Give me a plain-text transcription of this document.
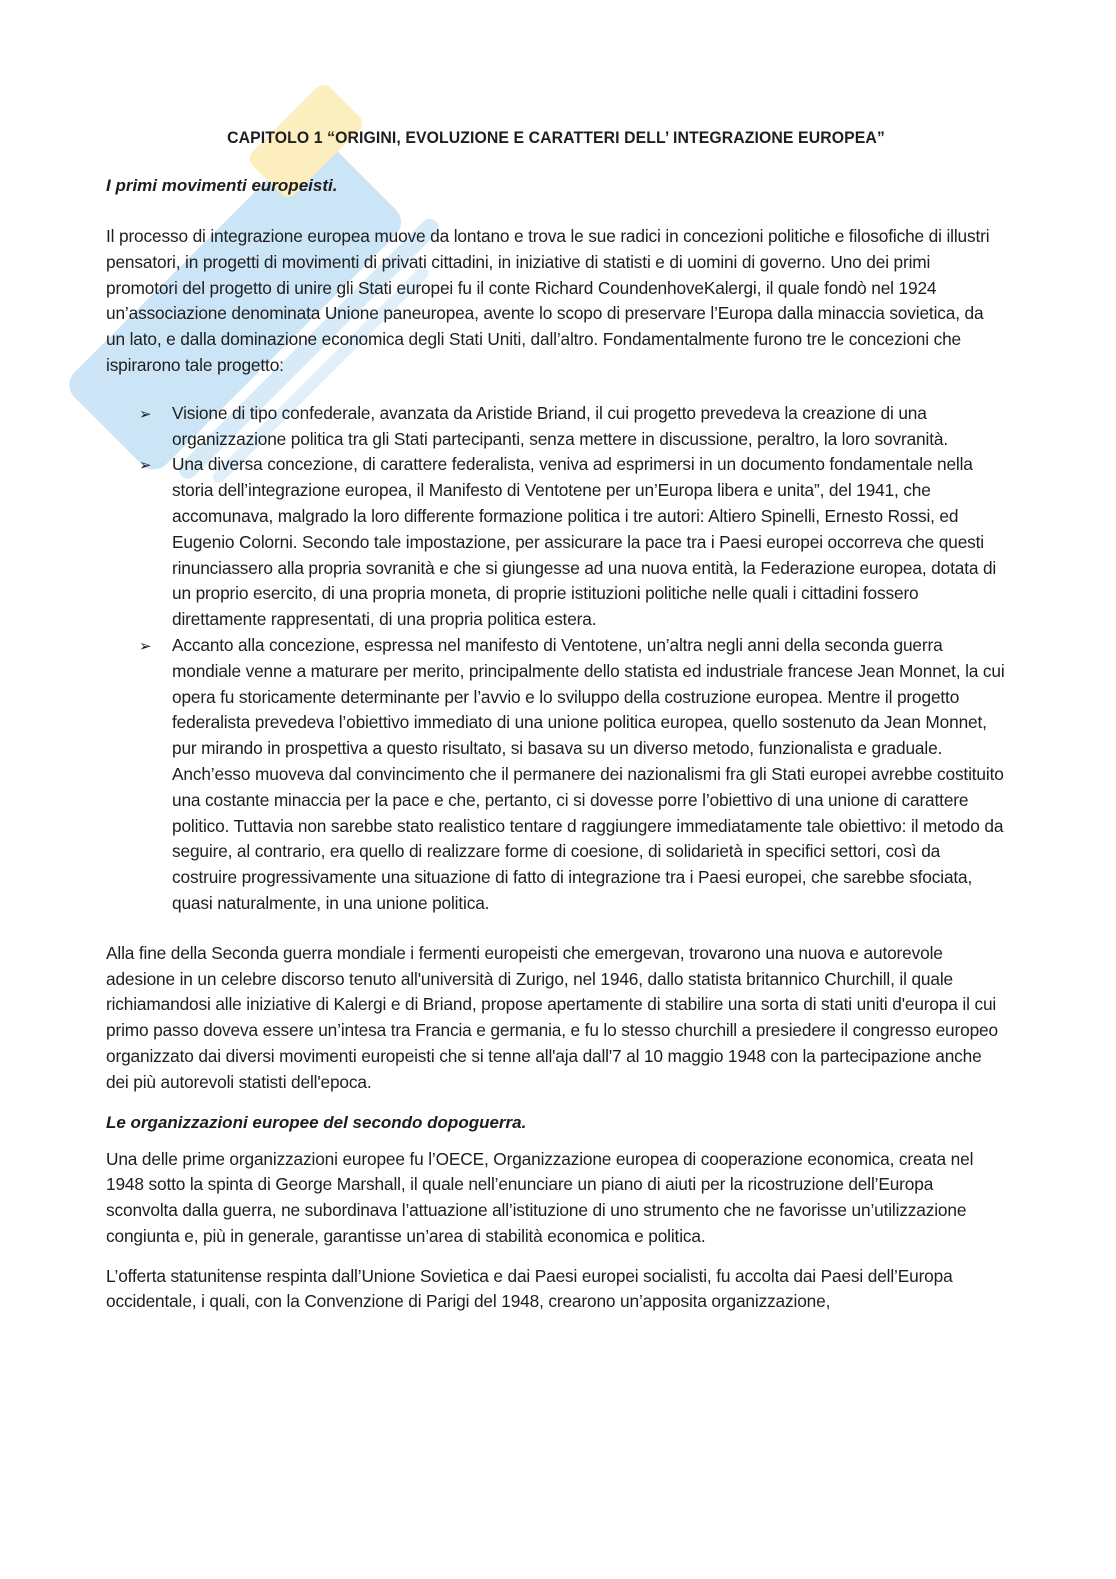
CAPITOLO 1 “ORIGINI, EVOLUZIONE E CARATTERI DELL’ INTEGRAZIONE EUROPEA”
I primi movimenti europeisti.

Il processo di integrazione europea muove da lontano e trova le sue radici in concezioni politiche e filosofiche di illustri pensatori, in progetti di movimenti di privati cittadini, in iniziative di statisti e di uomini di governo. Uno dei primi promotori del progetto di unire gli Stati europei fu il conte Richard CoundenhoveKalergi, il quale fondò nel 1924 un’associazione denominata Unione paneuropea, avente lo scopo di preservare l’Europa dalla minaccia sovietica, da un lato, e dalla dominazione economica degli Stati Uniti, dall’altro. Fondamentalmente furono tre le concezioni che ispirarono tale progetto:

➢ Visione di tipo confederale, avanzata da Aristide Briand, il cui progetto prevedeva la creazione di una organizzazione politica tra gli Stati partecipanti, senza mettere in discussione, peraltro, la loro sovranità.
➢ Una diversa concezione, di carattere federalista, veniva ad esprimersi in un documento fondamentale nella storia dell’integrazione europea, il Manifesto di Ventotene per un’Europa libera e unita”, del 1941, che accomunava, malgrado la loro differente formazione politica i tre autori: Altiero Spinelli, Ernesto Rossi, ed Eugenio Colorni. Secondo tale impostazione, per assicurare la pace tra i Paesi europei occorreva che questi rinunciassero alla propria sovranità e che si giungesse ad una nuova entità, la Federazione europea, dotata di un proprio esercito, di una propria moneta, di proprie istituzioni politiche nelle quali i cittadini fossero direttamente rappresentati, di una propria politica estera.
➢ Accanto alla concezione, espressa nel manifesto di Ventotene, un’altra negli anni della seconda guerra mondiale venne a maturare per merito, principalmente dello statista ed industriale francese Jean Monnet, la cui opera fu storicamente determinante per l’avvio e lo sviluppo della costruzione europea. Mentre il progetto federalista prevedeva l’obiettivo immediato di una unione politica europea, quello sostenuto da Jean Monnet, pur mirando in prospettiva a questo risultato, si basava su un diverso metodo, funzionalista e graduale. Anch’esso muoveva dal convincimento che il permanere dei nazionalismi fra gli Stati europei avrebbe costituito una costante minaccia per la pace e che, pertanto, ci si dovesse porre l’obiettivo di una unione di carattere politico. Tuttavia non sarebbe stato realistico tentare d raggiungere immediatamente tale obiettivo: il metodo da seguire, al contrario, era quello di realizzare forme di coesione, di solidarietà in specifici settori, così da costruire progressivamente una situazione di fatto di integrazione tra i Paesi europei, che sarebbe sfociata, quasi naturalmente, in una unione politica.

Alla fine della Seconda guerra mondiale i fermenti europeisti che emergevan, trovarono una nuova e autorevole adesione in un celebre discorso tenuto all'università di Zurigo, nel 1946, dallo statista britannico Churchill, il quale richiamandosi alle iniziative di Kalergi e di Briand, propose apertamente di stabilire una sorta di stati uniti d'europa il cui primo passo doveva essere un’intesa tra Francia e germania, e fu lo stesso churchill a presiedere il congresso europeo organizzato dai diversi movimenti europeisti che si tenne all'aja dall'7 al 10 maggio 1948 con la partecipazione anche dei più autorevoli statisti dell'epoca.

Le organizzazioni europee del secondo dopoguerra.

Una delle prime organizzazioni europee fu l’OECE, Organizzazione europea di cooperazione economica, creata nel 1948 sotto la spinta di George Marshall, il quale nell’enunciare un piano di aiuti per la ricostruzione dell’Europa sconvolta dalla guerra, ne subordinava l’attuazione all’istituzione di uno strumento che ne favorisse un’utilizzazione congiunta e, più in generale, garantisse un’area di stabilità economica e politica.

L’offerta statunitense respinta dall’Unione Sovietica e dai Paesi europei socialisti, fu accolta dai Paesi dell’Europa occidentale, i quali, con la Convenzione di Parigi del 1948, crearono un’apposita organizzazione,
